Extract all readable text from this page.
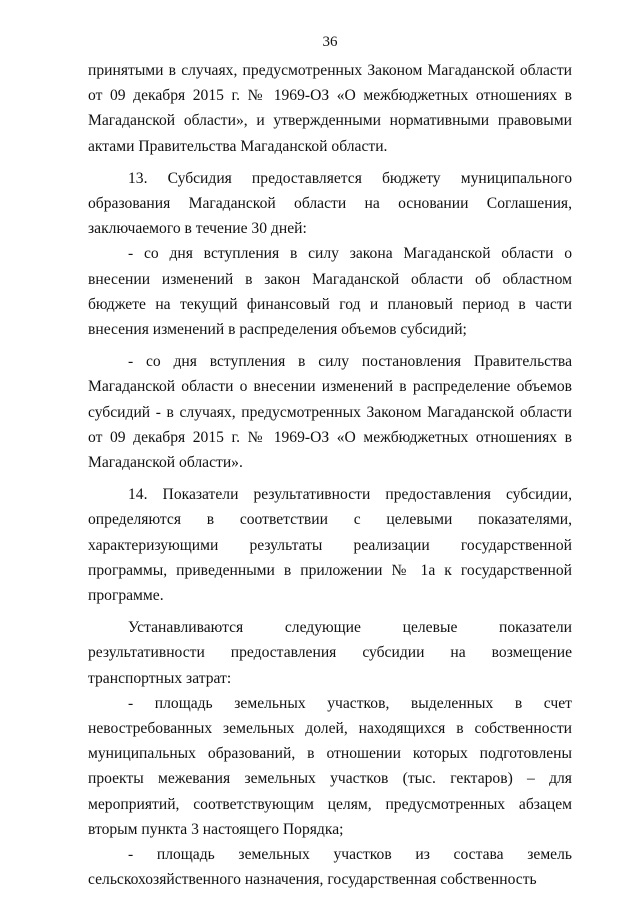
36

принятыми в случаях, предусмотренных Законом Магаданской области от 09 декабря 2015 г. № 1969-ОЗ «О межбюджетных отношениях в Магаданской области», и утвержденными нормативными правовыми актами Правительства Магаданской области.

13. Субсидия предоставляется бюджету муниципального образования Магаданской области на основании Соглашения, заключаемого в течение 30 дней:

- со дня вступления в силу закона Магаданской области о внесении изменений в закон Магаданской области об областном бюджете на текущий финансовый год и плановый период в части внесения изменений в распределения объемов субсидий;

- со дня вступления в силу постановления Правительства Магаданской области о внесении изменений в распределение объемов субсидий - в случаях, предусмотренных Законом Магаданской области от 09 декабря 2015 г. № 1969-ОЗ «О межбюджетных отношениях в Магаданской области».

14. Показатели результативности предоставления субсидии, определяются в соответствии с целевыми показателями, характеризующими результаты реализации государственной программы, приведенными в приложении № 1а к государственной программе.

Устанавливаются следующие целевые показатели результативности предоставления субсидии на возмещение транспортных затрат:

- площадь земельных участков, выделенных в счет невостребованных земельных долей, находящихся в собственности муниципальных образований, в отношении которых подготовлены проекты межевания земельных участков (тыс. гектаров) – для мероприятий, соответствующим целям, предусмотренных абзацем вторым пункта 3 настоящего Порядка;

- площадь земельных участков из состава земель сельскохозяйственного назначения, государственная собственность
